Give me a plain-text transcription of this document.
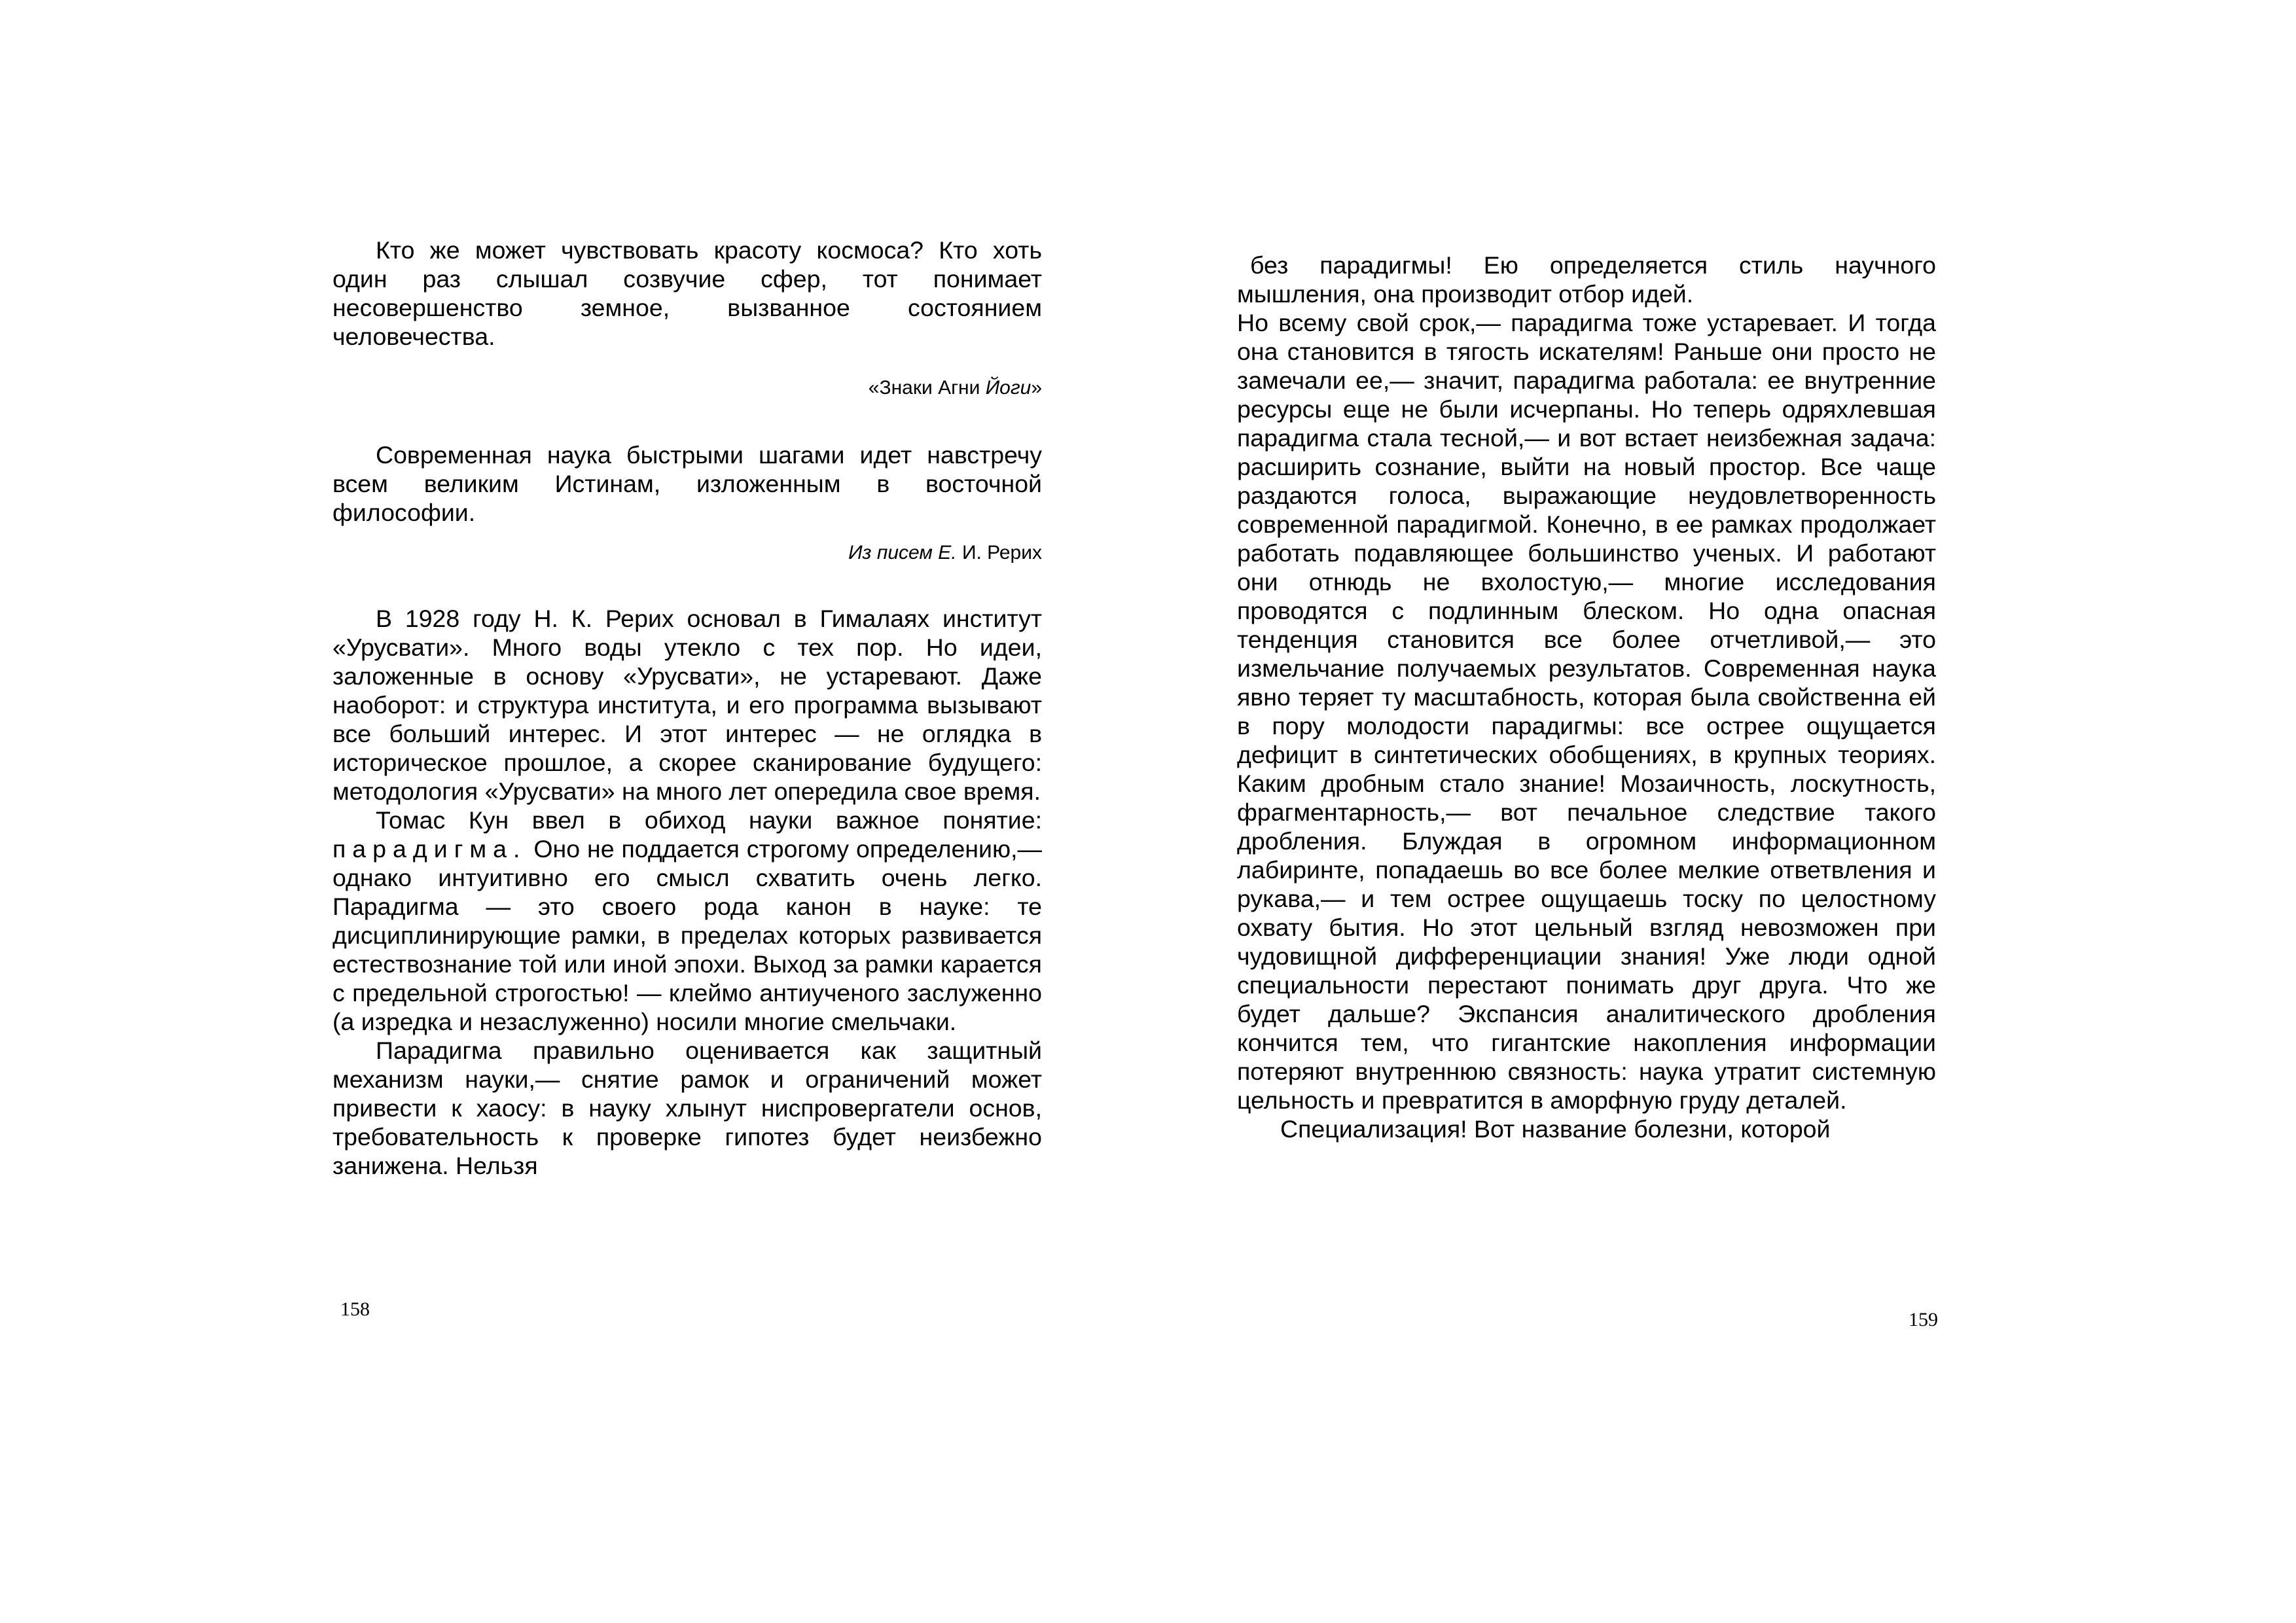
Кто же может чувствовать красоту космоса? Кто хоть один раз слышал созвучие сфер, тот понимает несовершенство земное, вызванное состоянием человечества.

«Знаки Агни Йоги»

Современная наука быстрыми шагами идет навстречу всем великим Истинам, изложенным в восточной философии.

Из писем Е. И. Рерих

В 1928 году Н. К. Рерих основал в Гималаях институт «Урусвати». Много воды утекло с тех пор. Но идеи, заложенные в основу «Урусвати», не устаревают. Даже наоборот: и структура института, и его программа вызывают все больший интерес. И этот интерес — не оглядка в историческое прошлое, а скорее сканирование будущего: методология «Урусвати» на много лет опередила свое время.

Томас Кун ввел в обиход науки важное понятие: парадигма. Оно не поддается строгому определению,— однако интуитивно его смысл схватить очень легко. Парадигма — это своего рода канон в науке: те дисциплинирующие рамки, в пределах которых развивается естествознание той или иной эпохи. Выход за рамки карается с предельной строгостью! — клеймо антиученого заслуженно (а изредка и незаслуженно) носили многие смельчаки.

Парадигма правильно оценивается как защитный механизм науки,— снятие рамок и ограничений может привести к хаосу: в науку хлынут ниспровергатели основ, требовательность к проверке гипотез будет неизбежно занижена. Нельзя

158

без парадигмы! Ею определяется стиль научного мышления, она производит отбор идей.

Но всему свой срок,— парадигма тоже устаревает. И тогда она становится в тягость искателям! Раньше они просто не замечали ее,— значит, парадигма работала: ее внутренние ресурсы еще не были исчерпаны. Но теперь одряхлевшая парадигма стала тесной,— и вот встает неизбежная задача: расширить сознание, выйти на новый простор. Все чаще раздаются голоса, выражающие неудовлетворенность современной парадигмой. Конечно, в ее рамках продолжает работать подавляющее большинство ученых. И работают они отнюдь не вхолостую,— многие исследования проводятся с подлинным блеском. Но одна опасная тенденция становится все более отчетливой,— это измельчание получаемых результатов. Современная наука явно теряет ту масштабность, которая была свойственна ей в пору молодости парадигмы: все острее ощущается дефицит в синтетических обобщениях, в крупных теориях. Каким дробным стало знание! Мозаичность, лоскутность, фрагментарность,— вот печальное следствие такого дробления. Блуждая в огромном информационном лабиринте, попадаешь во все более мелкие ответвления и рукава,— и тем острее ощущаешь тоску по целостному охвату бытия. Но этот цельный взгляд невозможен при чудовищной дифференциации знания! Уже люди одной специальности перестают понимать друг друга. Что же будет дальше? Экспансия аналитического дробления кончится тем, что гигантские накопления информации потеряют внутреннюю связность: наука утратит системную цельность и превратится в аморфную груду деталей.

Специализация! Вот название болезни, которой

159
